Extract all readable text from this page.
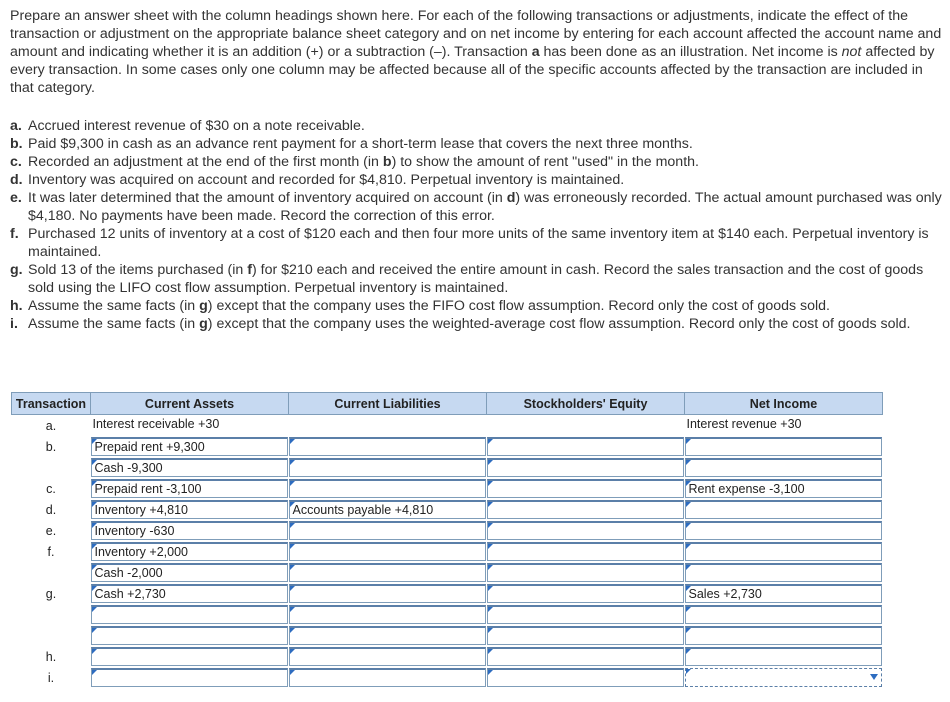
Prepare an answer sheet with the column headings shown here. For each of the following transactions or adjustments, indicate the effect of the transaction or adjustment on the appropriate balance sheet category and on net income by entering for each account affected the account name and amount and indicating whether it is an addition (+) or a subtraction (–). Transaction a has been done as an illustration. Net income is not affected by every transaction. In some cases only one column may be affected because all of the specific accounts affected by the transaction are included in that category.
a. Accrued interest revenue of $30 on a note receivable.
b. Paid $9,300 in cash as an advance rent payment for a short-term lease that covers the next three months.
c. Recorded an adjustment at the end of the first month (in b) to show the amount of rent "used" in the month.
d. Inventory was acquired on account and recorded for $4,810. Perpetual inventory is maintained.
e. It was later determined that the amount of inventory acquired on account (in d) was erroneously recorded. The actual amount purchased was only $4,180. No payments have been made. Record the correction of this error.
f. Purchased 12 units of inventory at a cost of $120 each and then four more units of the same inventory item at $140 each. Perpetual inventory is maintained.
g. Sold 13 of the items purchased (in f) for $210 each and received the entire amount in cash. Record the sales transaction and the cost of goods sold using the LIFO cost flow assumption. Perpetual inventory is maintained.
h. Assume the same facts (in g) except that the company uses the FIFO cost flow assumption. Record only the cost of goods sold.
i. Assume the same facts (in g) except that the company uses the weighted-average cost flow assumption. Record only the cost of goods sold.
Transaction	Current Assets	Current Liabilities	Stockholders' Equity	Net Income
a.	Interest receivable +30			Interest revenue +30

b.	Prepaid rent +9,300			

Cash -9,300			

c.	Prepaid rent -3,100			Rent expense -3,100

d.	Inventory +4,810	Accounts payable +4,810		

e.	Inventory -630			

f.	Inventory +2,000			

Cash -2,000			

g.	Cash +2,730			Sales +2,730

h.	

i.	
